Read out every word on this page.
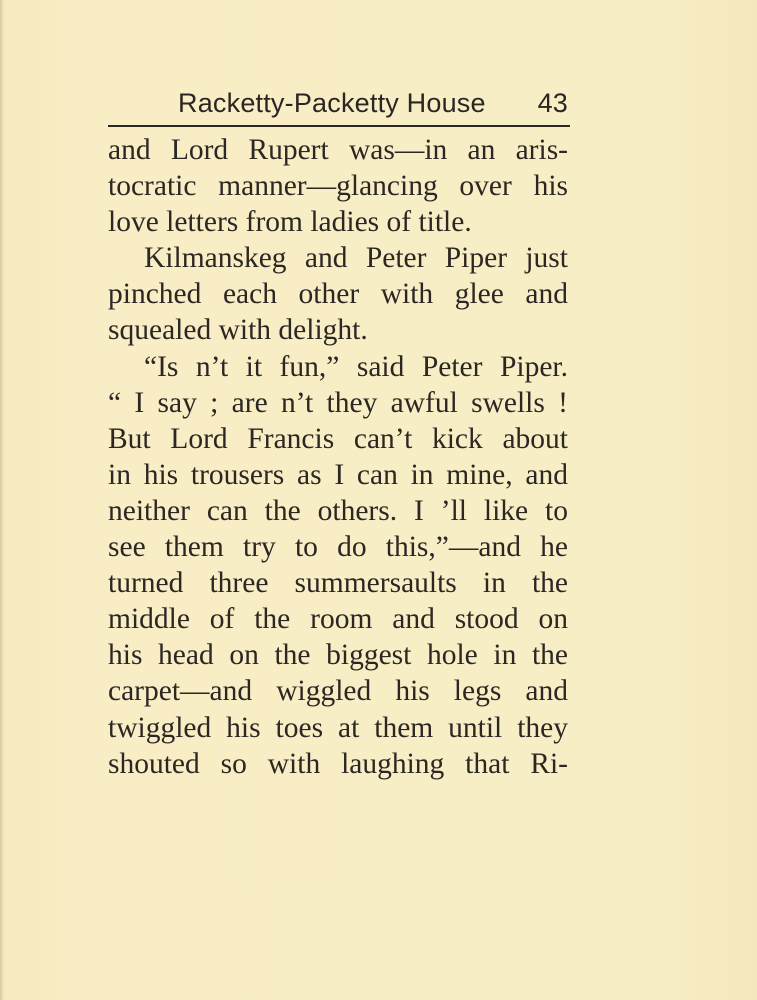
Racketty-Packetty House 43
and Lord Rupert was—in an aris-
tocratic manner—glancing over his
love letters from ladies of title.
Kilmanskeg and Peter Piper just
pinched each other with glee and
squealed with delight.
“Is n’t it fun,” said Peter Piper.
“ I say ; are n’t they awful swells !
But Lord Francis can’t kick about
in his trousers as I can in mine, and
neither can the others. I ’ll like to
see them try to do this,”—and he
turned three summersaults in the
middle of the room and stood on
his head on the biggest hole in the
carpet—and wiggled his legs and
twiggled his toes at them until they
shouted so with laughing that Ri-
